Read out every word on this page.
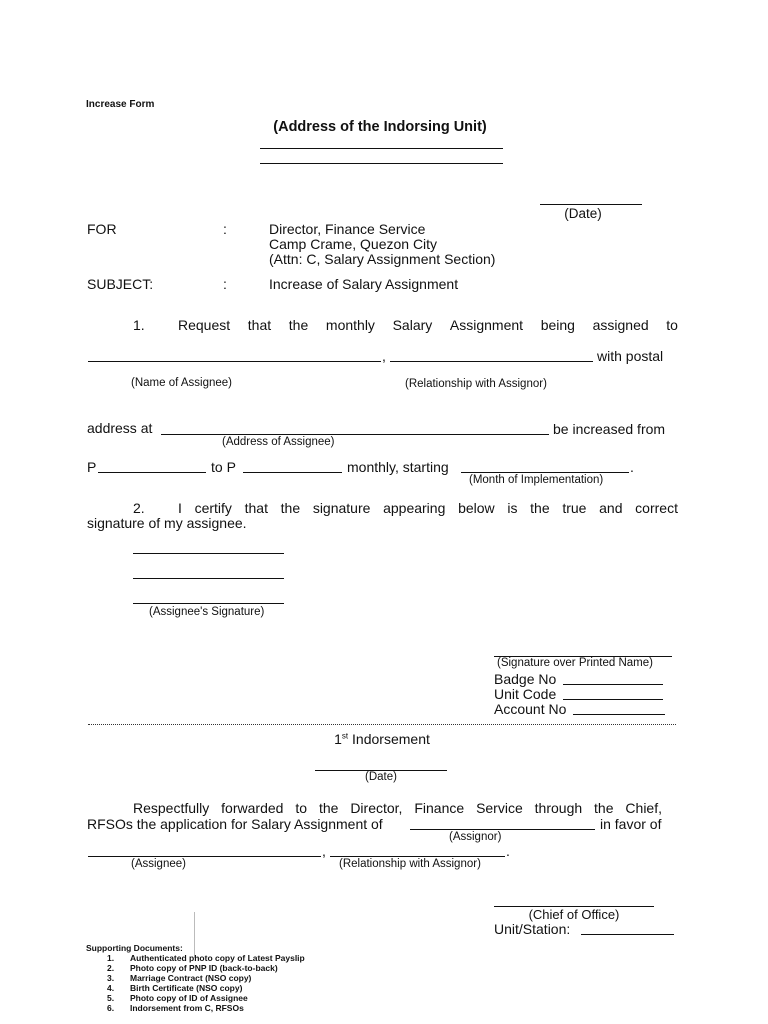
Increase Form
(Address of the Indorsing Unit)
(Date)
FOR	:	Director, Finance Service
Camp Crame, Quezon City
(Attn: C, Salary Assignment Section)
SUBJECT:	:	Increase of Salary Assignment
1. Request that the monthly Salary Assignment being assigned to
,	with postal
(Name of Assignee)	(Relationship with Assignor)
address at	be increased from
(Address of Assignee)
P	to P	monthly, starting	.
(Month of Implementation)
2. I certify that the signature appearing below is the true and correct
signature of my assignee.
(Assignee's Signature)
(Signature over Printed Name)
Badge No
Unit Code
Account No
1st Indorsement
(Date)
Respectfully forwarded to the Director, Finance Service through the Chief,
RFSOs the application for Salary Assignment of	in favor of
(Assignor)
,	.
(Assignee)	(Relationship with Assignor)
(Chief of Office)
Unit/Station:
Supporting Documents:
1.	Authenticated photo copy of Latest Payslip
2.	Photo copy of PNP ID (back-to-back)
3.	Marriage Contract (NSO copy)
4.	Birth Certificate (NSO copy)
5.	Photo copy of ID of Assignee
6.	Indorsement from C, RFSOs
